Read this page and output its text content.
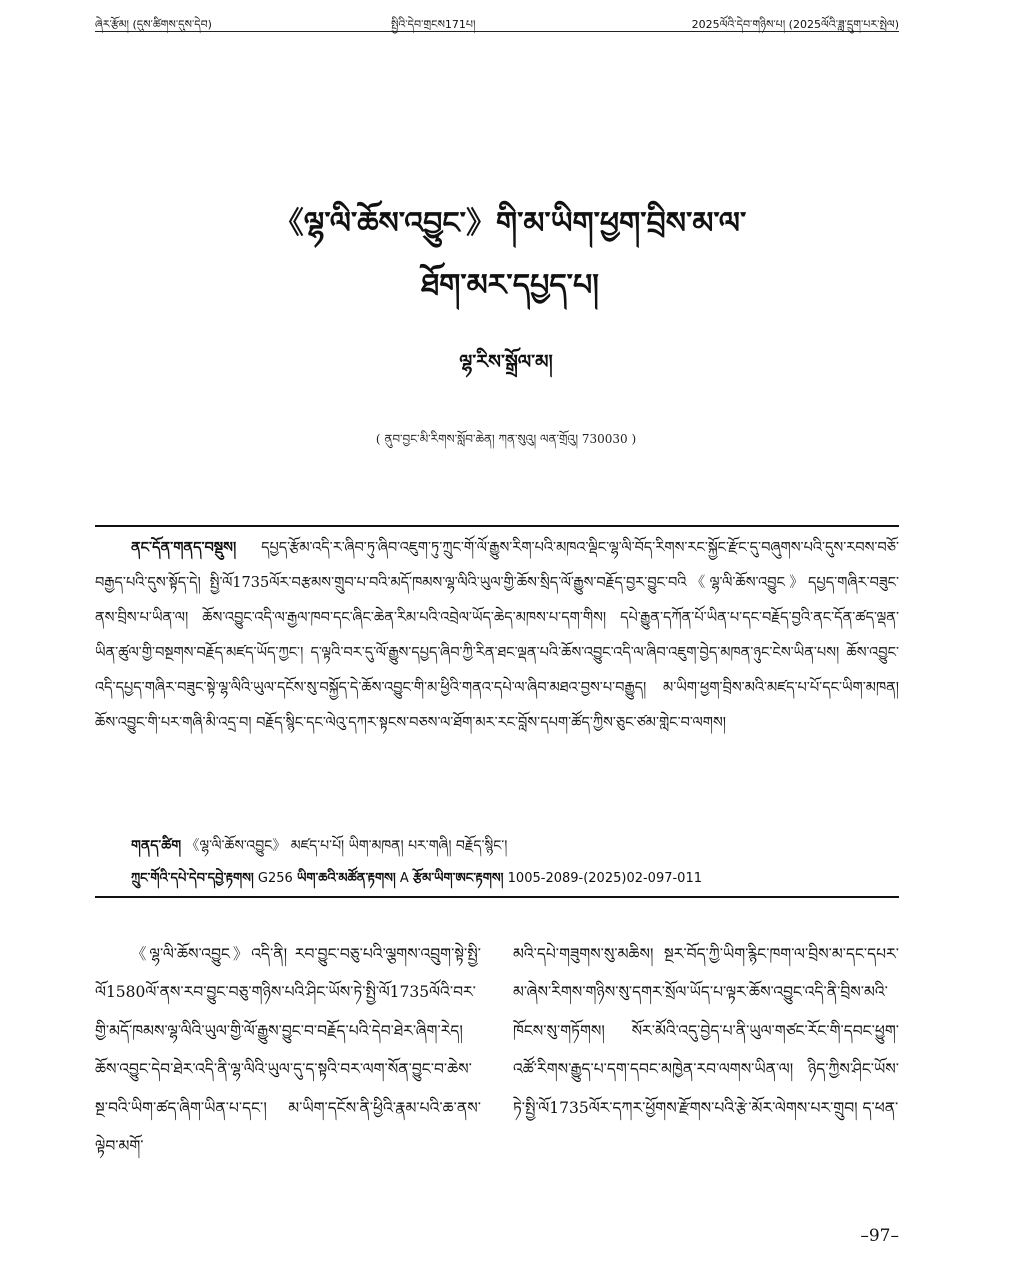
ཞེར་རྩོམ། (དུས་ཚིགས་དུས་དེབ)	སྤྱིའི་དེབ་གྲངས171པ།	2025ལོའི་དེབ་གཉིས་པ། (2025ལོའི་ཟླ་དྲུག་པར་སྤེལ)
《ལྷ་ལི་ཆོས་འབྱུང་》གི་མ་ཡིག་ཕྱག་བྲིས་མ་ལ་
ཐོག་མར་དཔྱད་པ།
ལྷ་རིས་སྒྲོལ་མ།
( ནུབ་བྱང་མི་རིགས་སློབ་ཆེན། ཀན་སུའུ། ལན་གྲོའུ། 730030 )
ནང་དོན་གནད་བསྡུས། དཔྱད་རྩོམ་འདི་ར་ཞིབ་ཏུ་ཞིབ་འཇུག་ཏུ་ཀྲུང་གོ་ལོ་རྒྱུས་རིག་པའི་མཁའ་ལྡིང་ལྷ་ལི་བོད་རིགས་རང་སྐྱོང་རྫོང་དུ་བཞུགས་པའི་དུས་རབས་བཅོ་བརྒྱད་པའི་དུས་སྟོད་དེ། སྤྱི་ལོ1735ལོར་བརྩམས་གྲུབ་པ་བའི་མདོ་ཁམས་ལྷ་ལིའི་ཡུལ་གྱི་ཆོས་སྲིད་ལོ་རྒྱུས་བརྗོད་བྱར་བྱུང་བའི《ལྷ་ལི་ཆོས་འབྱུང》དཔྱད་གཞིར་བཟུང་ནས་བྲིས་པ་ཡིན་ལ། ཆོས་འབྱུང་འདི་ལ་རྒྱལ་ཁབ་དང་ཞིང་ཆེན་རིམ་པའི་འབྲེལ་ཡོད་ཆེད་མཁས་པ་དག་གིས། དཔེ་རྒྱུན་དཀོན་པོ་ཡིན་པ་དང་བརྗོད་བྱའི་ནང་དོན་ཚད་ལྡན་ཡིན་ཚུལ་གྱི་བསྔགས་བརྗོད་མཛད་ཡོད་ཀྱང་། ད་ལྟའི་བར་དུ་ལོ་རྒྱུས་དཔྱད་ཞིབ་ཀྱི་རིན་ཐང་ལྡན་པའི་ཆོས་འབྱུང་འདི་ལ་ཞིབ་འཇུག་བྱེད་མཁན་ཉུང་ངེས་ཡིན་པས། ཆོས་འབྱུང་འདི་དཔྱད་གཞིར་བཟུང་སྟེ་ལྷ་ལིའི་ཡུལ་དངོས་སུ་བསྐྱོད་དེ་ཆོས་འབྱུང་གི་མ་ཕྱིའི་གནའ་དཔེ་ལ་ཞིབ་མཐའ་བྱས་པ་བརྒྱུད། མ་ཡིག་ཕྱག་བྲིས་མའི་མཛད་པ་པོ་དང་ཡིག་མཁན། ཆོས་འབྱུང་གི་པར་གཞི་མི་འདྲ་བ། བརྗོད་སྙིང་དང་ལེའུ་དཀར་སྟངས་བཅས་ལ་ཐོག་མར་རང་བློས་དཔག་ཚོད་ཀྱིས་ཅུང་ཙམ་གླེང་བ་ལགས།
གནད་ཚིག 《ལྷ་ལི་ཆོས་འབྱུང》 མཛད་པ་པོ། ཡིག་མཁན། པར་གཞི། བརྗོད་སྙིང་།
ཀྲུང་གོའི་དཔེ་དེབ་དབྱེ་རྟགས། G256 ཡིག་ཆའི་མཚོན་རྟགས། A རྩོམ་ཡིག་ཨང་རྟགས། 1005-2089-(2025)02-097-011
《ལྷ་ལི་ཆོས་འབྱུང》འདི་ནི། རབ་བྱུང་བཅུ་པའི་ལྕགས་འབྲུག་སྟེ་སྤྱི་ལོ1580ལོ་ནས་རབ་བྱུང་བཅུ་གཉིས་པའི་ཤིང་ཡོས་ཏེ་སྤྱི་ལོ1735ལོའི་བར་གྱི་མདོ་ཁམས་ལྷ་ལིའི་ཡུལ་གྱི་ལོ་རྒྱུས་བྱུང་བ་བརྗོད་པའི་དེབ་ཐེར་ཞིག་རེད། ཆོས་འབྱུང་དེབ་ཐེར་འདི་ནི་ལྷ་ལིའི་ཡུལ་དུ་ད་སྟའི་བར་ལག་སོན་བྱུང་བ་ཆེས་སྔ་བའི་ཡིག་ཚད་ཞིག་ཡིན་པ་དང་། མ་ཡིག་དངོས་ནི་ཕྱིའི་རྣམ་པའི་ཆ་ནས་ལྟེབ་མགོ་
མའི་དཔེ་གཟུགས་སུ་མཆིས། སྔར་བོད་ཀྱི་ཡིག་རྙིང་ཁག་ལ་བྲིས་མ་དང་དཔར་མ་ཞེས་རིགས་གཉིས་སུ་དགར་སྲོལ་ཡོད་པ་ལྟར་ཆོས་འབྱུང་འདི་ནི་བྲིས་མའི་ཁོངས་སུ་གཏོགས། སོར་མོའི་འདུ་བྱེད་པ་ནི་ཡུལ་གཙང་རོང་གི་དབང་ཕྱུག་འཚོ་རིགས་རྒྱུད་པ་དག་དབང་མཁྱེན་རབ་ལགས་ཡིན་ལ། ཉིད་ཀྱིས་ཤིང་ཡོས་ཏེ་སྤྱི་ལོ1735ལོར་དཀར་ཕྱོགས་རྫོགས་པའི་རྩེ་མོར་ལེགས་པར་གྲུབ། ད་ཕན་
–97–
